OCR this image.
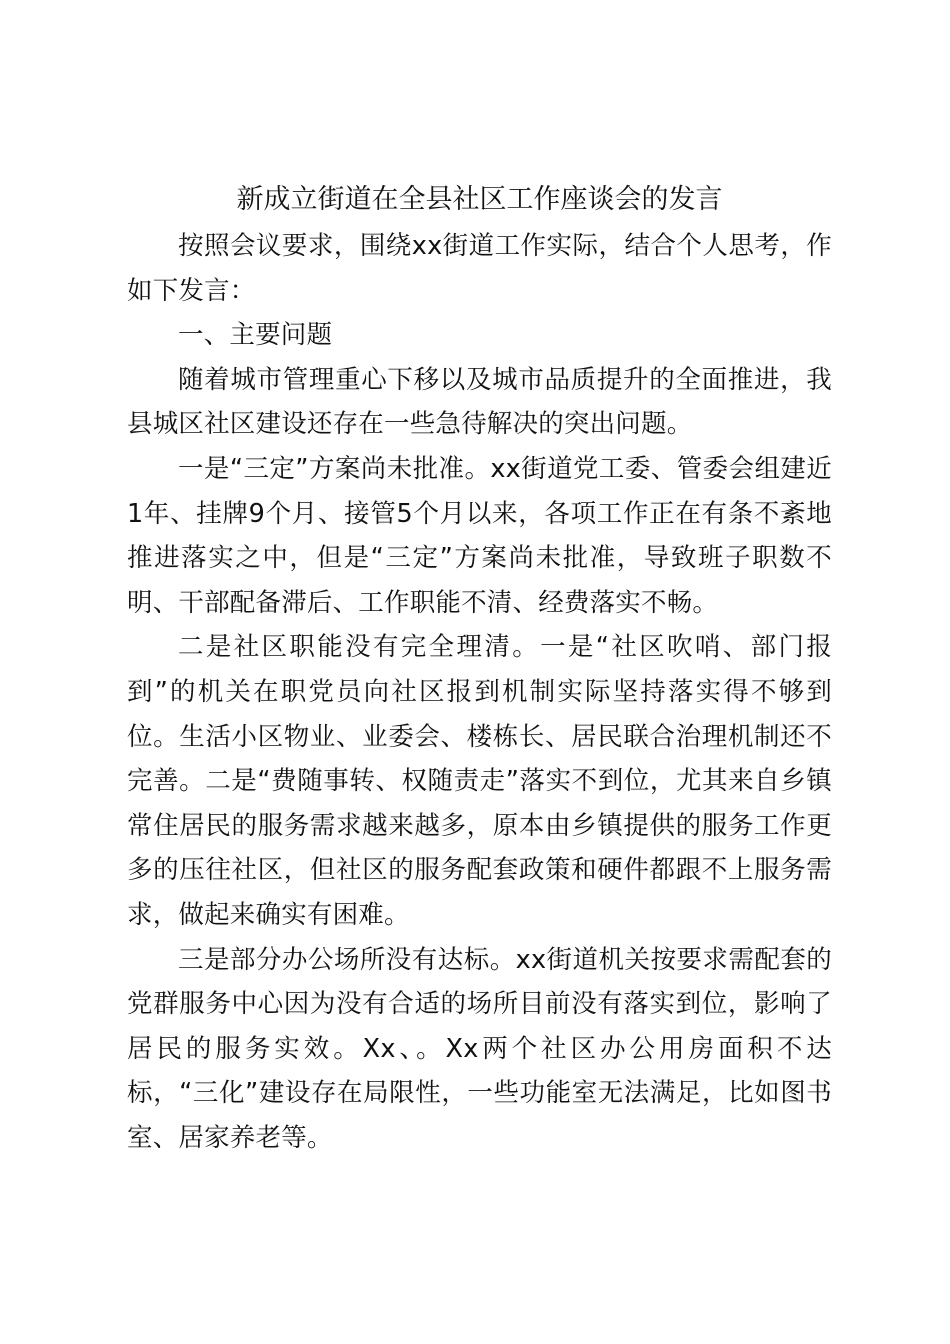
新成立街道在全县社区工作座谈会的发言

按照会议要求，围绕xx街道工作实际，结合个人思考，作如下发言：

一、主要问题

随着城市管理重心下移以及城市品质提升的全面推进，我县城区社区建设还存在一些急待解决的突出问题。

一是“三定”方案尚未批准。xx街道党工委、管委会组建近1年、挂牌9个月、接管5个月以来，各项工作正在有条不紊地推进落实之中，但是“三定”方案尚未批准，导致班子职数不明、干部配备滞后、工作职能不清、经费落实不畅。

二是社区职能没有完全理清。一是“社区吹哨、部门报到”的机关在职党员向社区报到机制实际坚持落实得不够到位。生活小区物业、业委会、楼栋长、居民联合治理机制还不完善。二是“费随事转、权随责走”落实不到位，尤其来自乡镇常住居民的服务需求越来越多，原本由乡镇提供的服务工作更多的压往社区，但社区的服务配套政策和硬件都跟不上服务需求，做起来确实有困难。

三是部分办公场所没有达标。xx街道机关按要求需配套的党群服务中心因为没有合适的场所目前没有落实到位，影响了居民的服务实效。Xx、。Xx两个社区办公用房面积不达标，“三化”建设存在局限性，一些功能室无法满足，比如图书室、居家养老等。
